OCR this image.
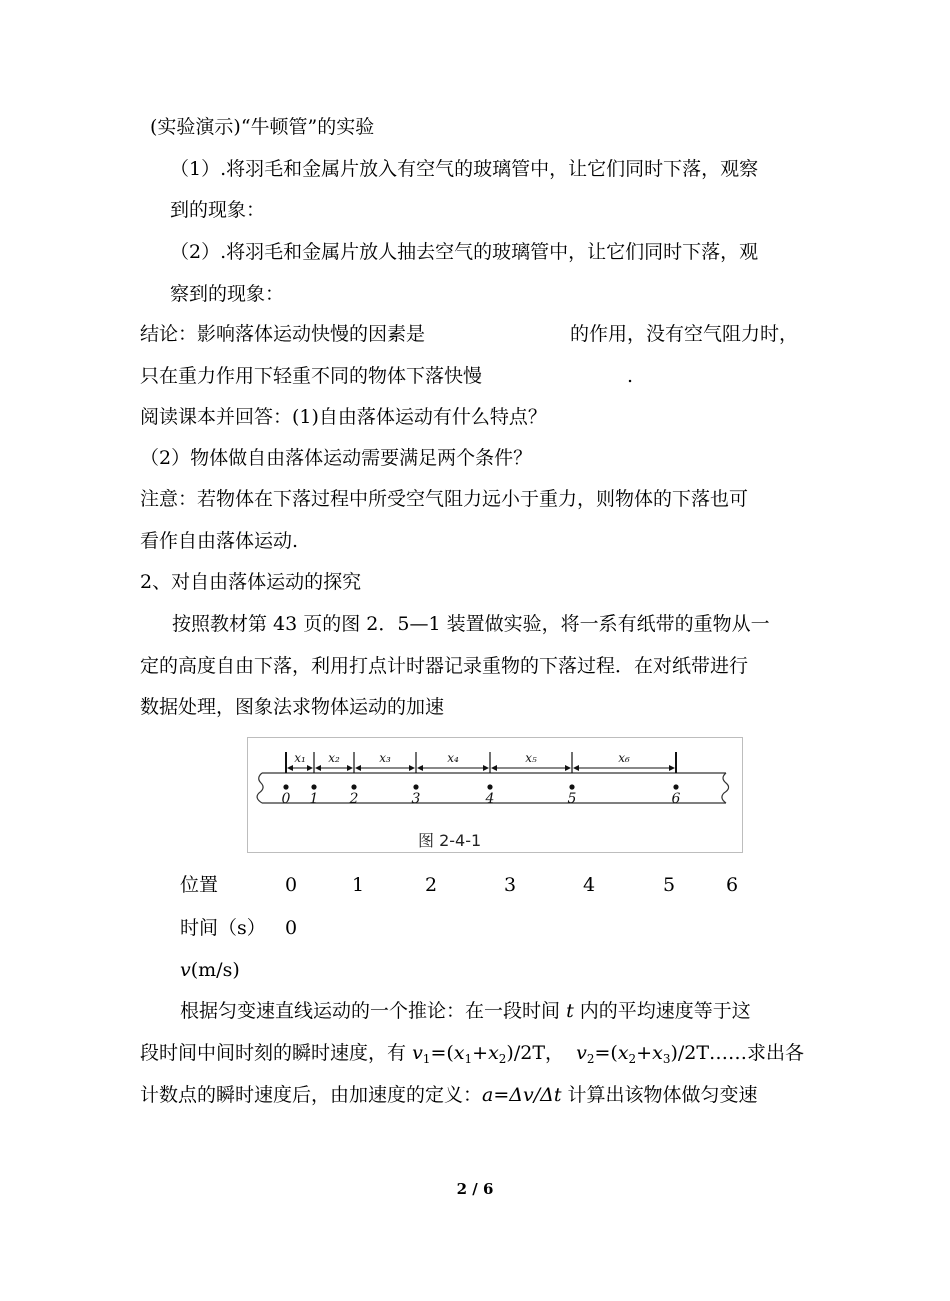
(实验演示)“牛顿管”的实验
（1）.将羽毛和金属片放入有空气的玻璃管中，让它们同时下落，观察
到的现象：
（2）.将羽毛和金属片放人抽去空气的玻璃管中，让它们同时下落，观
察到的现象：
结论：影响落体运动快慢的因素是	的作用，没有空气阻力时，
只在重力作用下轻重不同的物体下落快慢	.
阅读课本并回答：(1)自由落体运动有什么特点？
（2）物体做自由落体运动需要满足两个条件？
注意：若物体在下落过程中所受空气阻力远小于重力，则物体的下落也可
看作自由落体运动.
2、对自由落体运动的探究
按照教材第 43 页的图 2．5—1 装置做实验，将一系有纸带的重物从一
定的高度自由下落，利用打点计时器记录重物的下落过程．在对纸带进行
数据处理，图象法求物体运动的加速
x₁ x₂	x₃	x₄	x₅	x₆
0 1 2	3	4	5	6
图 2-4-1
位置	0	1	2	3	4	5	6
时间（s） 0
v(m/s)
根据匀变速直线运动的一个推论：在一段时间 t 内的平均速度等于这
段时间中间时刻的瞬时速度，有 $v_1=(x_1+x_2)/2T$， $v_2=(x_2+x_3)/2T\dots\dots$求出各
计数点的瞬时速度后，由加速度的定义：a=Δv/Δt 计算出该物体做匀变速
2 / 6
